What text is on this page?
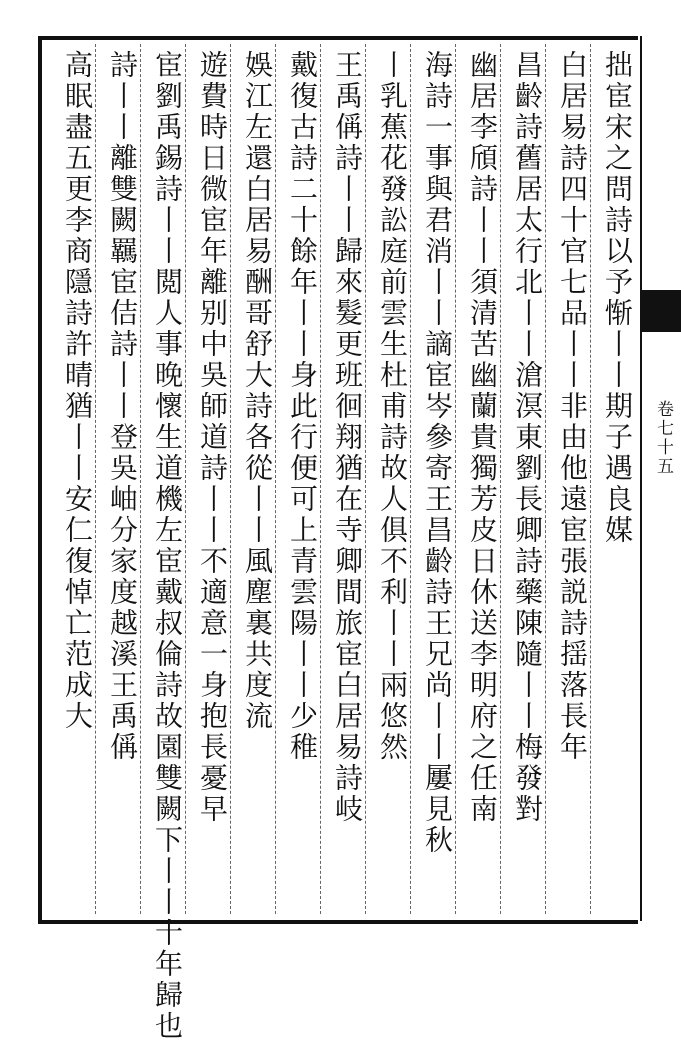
卷七十五
拙宦宋之問詩以予惭丨丨期子遇良媒
白居易詩四十官七品丨丨非由他遠宦張説詩揺落長年
昌齡詩舊居太行北丨丨滄溟東劉長卿詩藥陳隨丨丨梅發對
幽居李頎詩丨丨須清苦幽蘭貴獨芳皮日休送李明府之任南
海詩一事與君消丨丨謫宦岑參寄王昌齡詩王兄尚丨丨屢見秋
丨乳蕉花發訟庭前雲生杜甫詩故人俱不利丨丨兩悠然
王禹偁詩丨丨歸來髮更班徊翔猶在寺卿間旅宦白居易詩岐
戴復古詩二十餘年丨丨身此行便可上青雲陽丨丨少稚
娛江左還白居易酬哥舒大詩各從丨丨風塵裏共度流
遊費時日微宦年離别中吳師道詩丨丨不適意一身抱長憂早
宦劉禹錫詩丨丨閲人事晚懷生道機左宦戴叔倫詩故園雙闕下丨丨十年歸也
詩丨丨離雙闕羈宦佶詩丨丨登吳岫分家度越溪王禹偁
高眠盡五更李商隱詩許晴猶丨丨安仁復悼亡范成大
